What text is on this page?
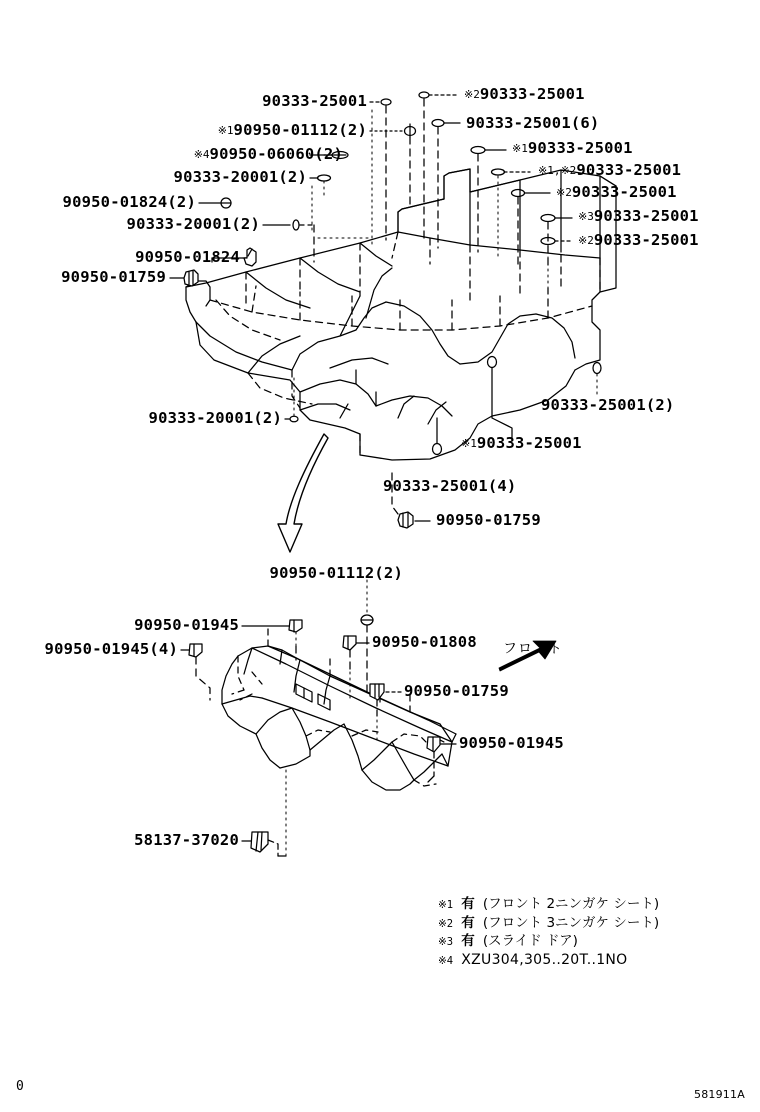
90333-25001
※190950-01112(2)
※490950-06060(2)
90333-20001(2)
90950-01824(2)
90333-20001(2)
90950-01824
90950-01759
90333-20001(2)
※290333-25001
90333-25001(6)
※190333-25001
※1,※290333-25001
※290333-25001
※390333-25001
※290333-25001
90333-25001(2)
※190333-25001
90333-25001(4)
90950-01759
90950-01112(2)
90950-01945
90950-01945(4)	90950-01808
90950-01759
90950-01945
58137-37020
フロント
※1 有 (フロント 2ニンガケ シート)
※2 有 (フロント 3ニンガケ シート)
※3 有 (スライド ドア)
※4 XZU304,305..20T..1NO
0
581911A
